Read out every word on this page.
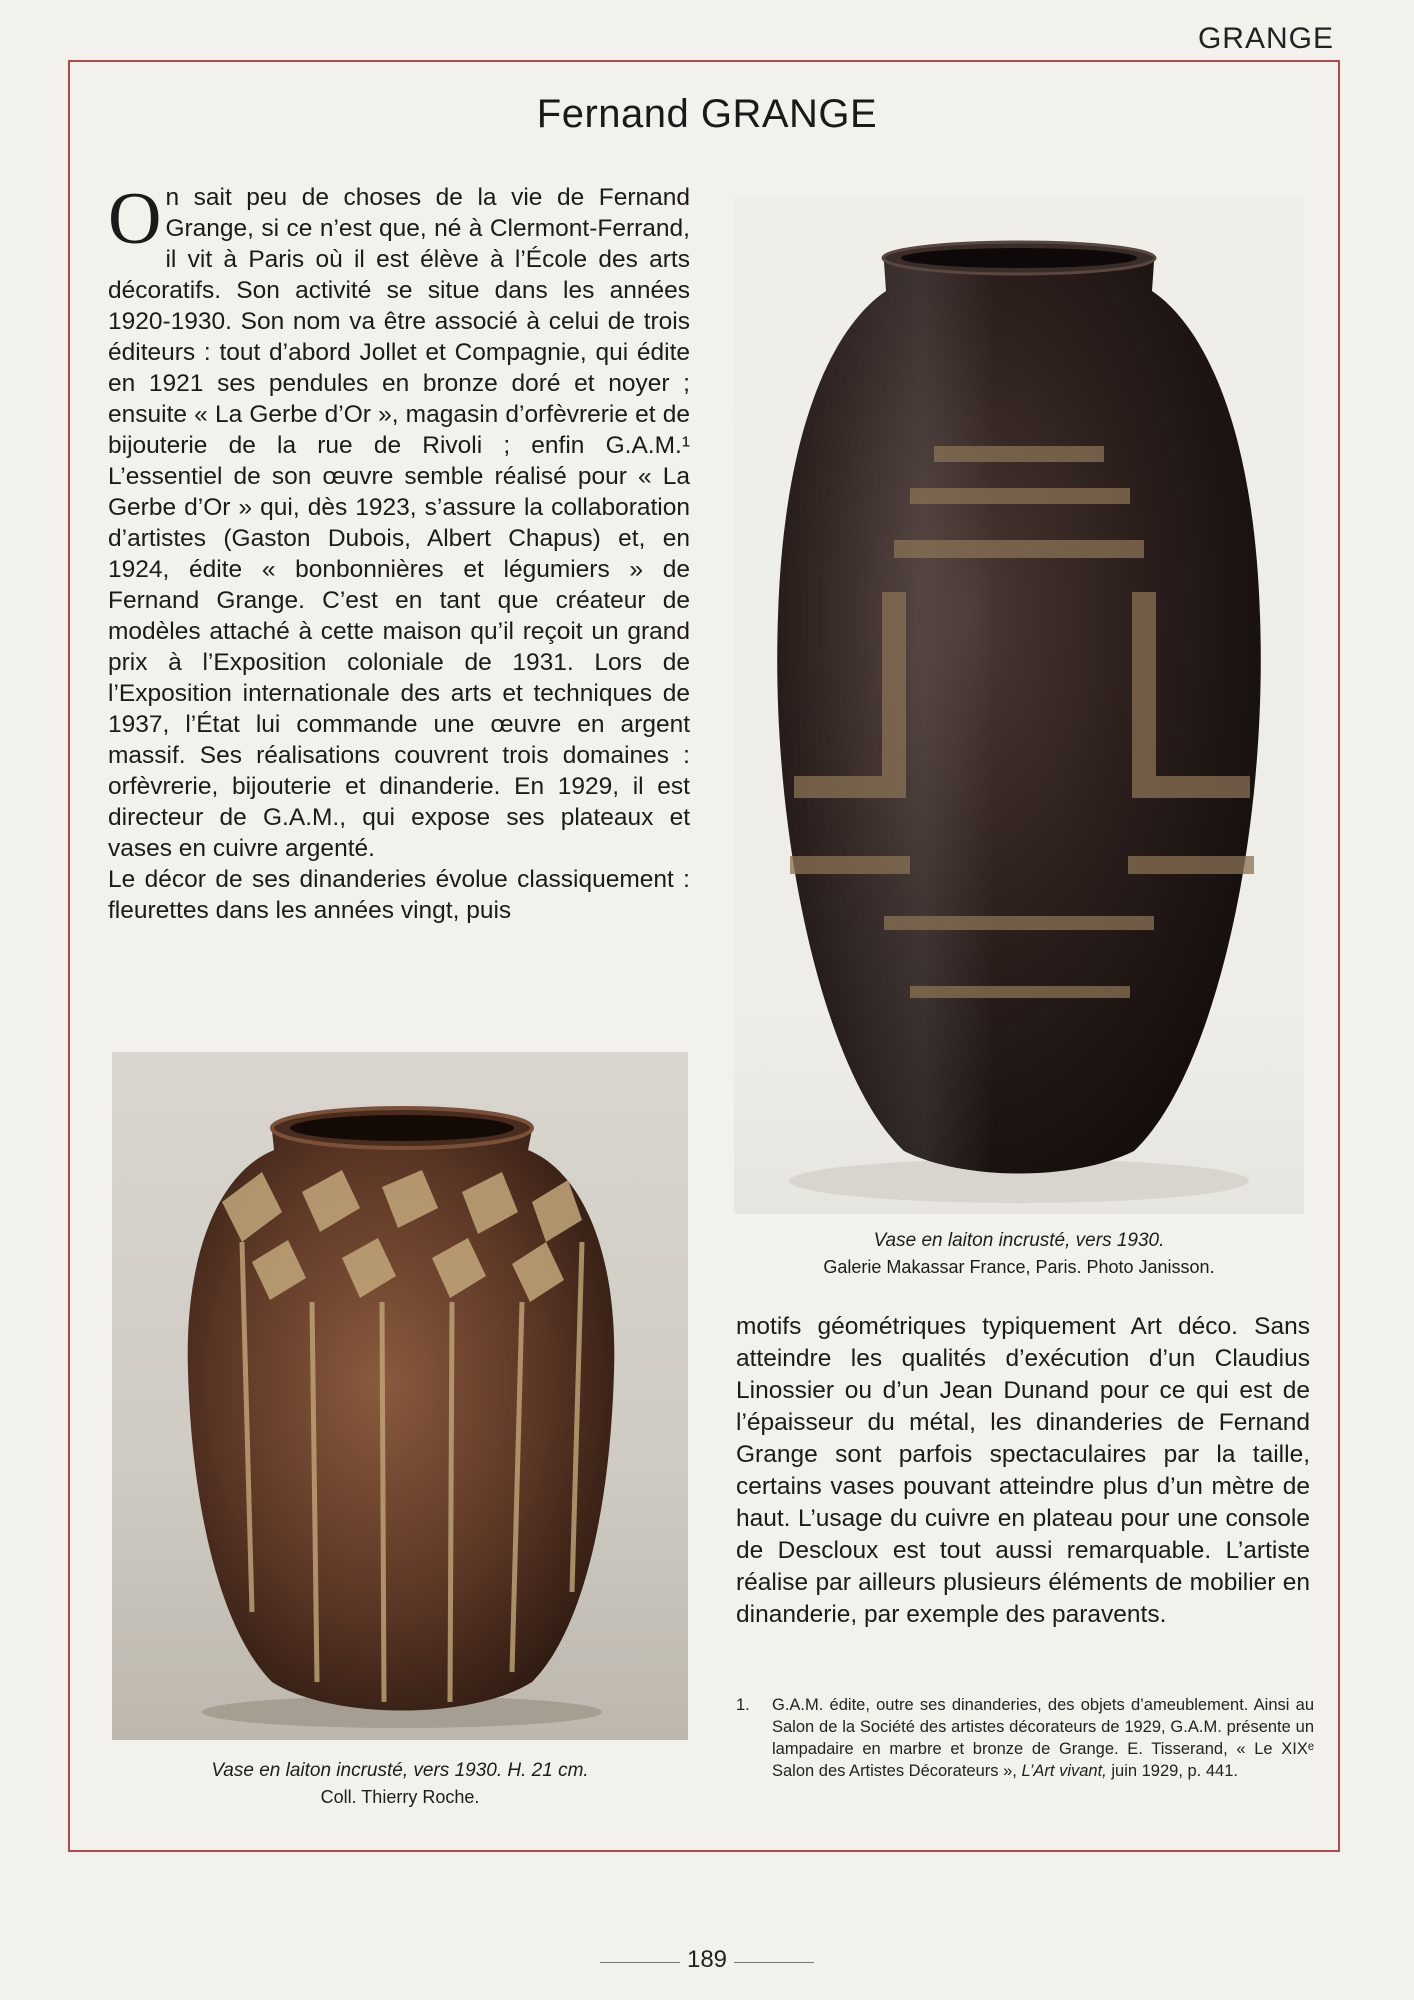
GRANGE
Fernand GRANGE

On sait peu de choses de la vie de Fernand Grange, si ce n’est que, né à Clermont-Ferrand, il vit à Paris où il est élève à l’École des arts décoratifs. Son activité se situe dans les années 1920-1930. Son nom va être associé à celui de trois éditeurs : tout d’abord Jollet et Compagnie, qui édite en 1921 ses pendules en bronze doré et noyer ; ensuite « La Gerbe d’Or », magasin d’orfèvrerie et de bijouterie de la rue de Rivoli ; enfin G.A.M.¹ L’essentiel de son œuvre semble réalisé pour « La Gerbe d’Or » qui, dès 1923, s’assure la collaboration d’artistes (Gaston Dubois, Albert Chapus) et, en 1924, édite « bonbonnières et légumiers » de Fernand Grange. C’est en tant que créateur de modèles attaché à cette maison qu’il reçoit un grand prix à l’Exposition coloniale de 1931. Lors de l’Exposition internationale des arts et techniques de 1937, l’État lui commande une œuvre en argent massif. Ses réalisations couvrent trois domaines : orfèvrerie, bijouterie et dinanderie. En 1929, il est directeur de G.A.M., qui expose ses plateaux et vases en cuivre argenté.

Le décor de ses dinanderies évolue classiquement : fleurettes dans les années vingt, puis

Vase en laiton incrusté, vers 1930.
Galerie Makassar France, Paris. Photo Janisson.
motifs géométriques typiquement Art déco. Sans atteindre les qualités d’exécution d’un Claudius Linossier ou d’un Jean Dunand pour ce qui est de l’épaisseur du métal, les dinanderies de Fernand Grange sont parfois spectaculaires par la taille, certains vases pouvant atteindre plus d’un mètre de haut. L’usage du cuivre en plateau pour une console de Descloux est tout aussi remarquable. L’artiste réalise par ailleurs plusieurs éléments de mobilier en dinanderie, par exemple des paravents.
1. G.A.M. édite, outre ses dinanderies, des objets d’ameublement. Ainsi au Salon de la Société des artistes décorateurs de 1929, G.A.M. présente un lampadaire en marbre et bronze de Grange. E. Tisserand, « Le XIXᵉ Salon des Artistes Décorateurs », L’Art vivant, juin 1929, p. 441.
Vase en laiton incrusté, vers 1930. H. 21 cm.
Coll. Thierry Roche.
189
